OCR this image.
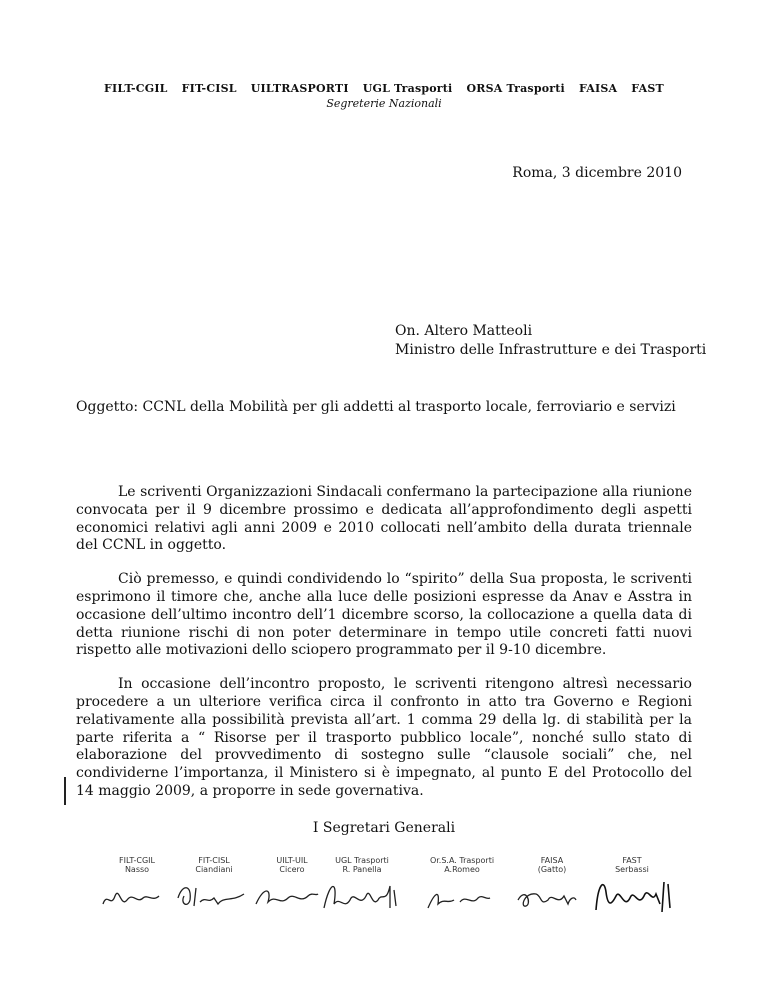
FILT-CGIL FIT-CISL UILTRASPORTI UGL Trasporti ORSA Trasporti FAISA FAST
Segreterie Nazionali
Roma, 3 dicembre 2010
On. Altero Matteoli
Ministro delle Infrastrutture e dei Trasporti
Oggetto: CCNL della Mobilità per gli addetti al trasporto locale, ferroviario e servizi

Le scriventi Organizzazioni Sindacali confermano la partecipazione alla riunione convocata per il 9 dicembre prossimo e dedicata all’approfondimento degli aspetti economici relativi agli anni 2009 e 2010 collocati nell’ambito della durata triennale del CCNL in oggetto.

Ciò premesso, e quindi condividendo lo “spirito” della Sua proposta, le scriventi esprimono il timore che, anche alla luce delle posizioni espresse da Anav e Asstra in occasione dell’ultimo incontro dell’1 dicembre scorso, la collocazione a quella data di detta riunione rischi di non poter determinare in tempo utile concreti fatti nuovi rispetto alle motivazioni dello sciopero programmato per il 9-10 dicembre.

In occasione dell’incontro proposto, le scriventi ritengono altresì necessario procedere a un ulteriore verifica circa il confronto in atto tra Governo e Regioni relativamente alla possibilità prevista all’art. 1 comma 29 della lg. di stabilità per la parte riferita a “ Risorse per il trasporto pubblico locale”, nonché sullo stato di elaborazione del provvedimento di sostegno sulle “clausole sociali” che, nel condividerne l’importanza, il Ministero si è impegnato, al punto E del Protocollo del 14 maggio 2009, a proporre in sede governativa.

I Segretari Generali
FILT-CGIL
Nasso
FIT-CISL
Ciandiani
UILT-UIL
Cicero
UGL Trasporti
R. Panella
Or.S.A. Trasporti
A.Romeo
FAISA
(Gatto)
FAST
Serbassi
